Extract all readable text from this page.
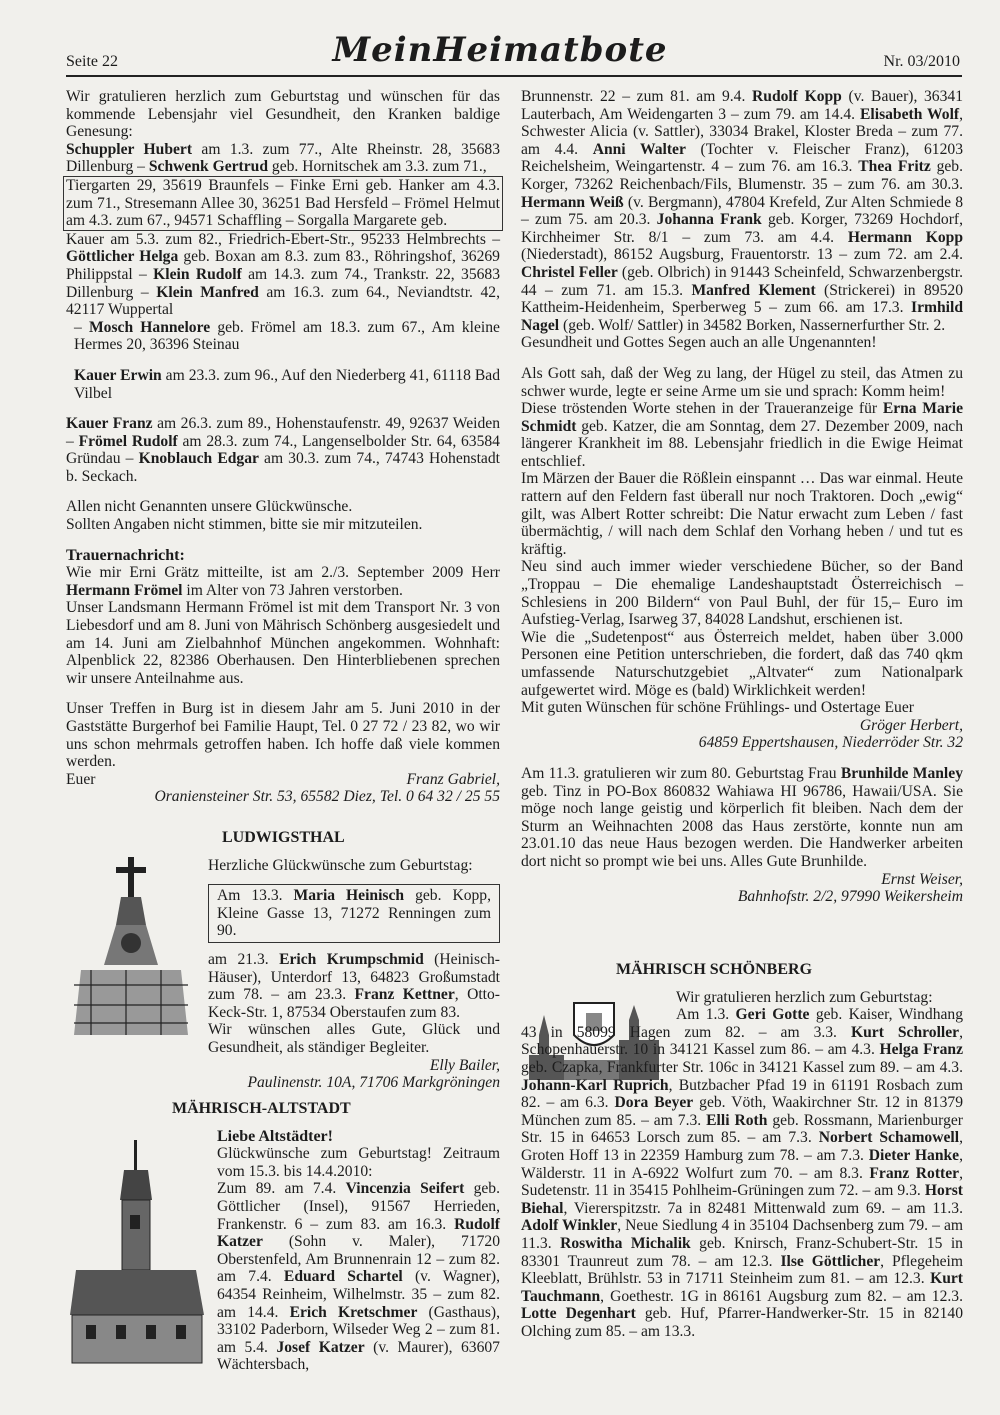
Seite 22	MeinHeimatbote	Nr. 03/2010

Wir gratulieren herzlich zum Geburtstag und wünschen für das kommende Lebensjahr viel Gesundheit, den Kranken baldige Genesung:

Schuppler Hubert am 1.3. zum 77., Alte Rheinstr. 28, 35683 Dillenburg – Schwenk Gertrud geb. Hornitschek am 3.3. zum 71.,

Tiergarten 29, 35619 Braunfels – Finke Erni geb. Hanker am 4.3. zum 71., Stresemann Allee 30, 36251 Bad Hersfeld – Frömel Helmut am 4.3. zum 67., 94571 Schaffling – Sorgalla Margarete geb.

Kauer am 5.3. zum 82., Friedrich-Ebert-Str., 95233 Helmbrechts – Göttlicher Helga geb. Boxan am 8.3. zum 83., Röhringshof, 36269 Philippstal – Klein Rudolf am 14.3. zum 74., Trankstr. 22, 35683 Dillenburg – Klein Manfred am 16.3. zum 64., Neviandtstr. 42, 42117 Wuppertal

– Mosch Hannelore geb. Frömel am 18.3. zum 67., Am kleine Hermes 20, 36396 Steinau

Kauer Erwin am 23.3. zum 96., Auf den Niederberg 41, 61118 Bad Vilbel

Kauer Franz am 26.3. zum 89., Hohenstaufenstr. 49, 92637 Weiden – Frömel Rudolf am 28.3. zum 74., Langenselbolder Str. 64, 63584 Gründau – Knoblauch Edgar am 30.3. zum 74., 74743 Hohenstadt b. Seckach.

Allen nicht Genannten unsere Glückwünsche.

Sollten Angaben nicht stimmen, bitte sie mir mitzuteilen.

Trauernachricht:

Wie mir Erni Grätz mitteilte, ist am 2./3. September 2009 Herr Hermann Frömel im Alter von 73 Jahren verstorben.

Unser Landsmann Hermann Frömel ist mit dem Transport Nr. 3 von Liebesdorf und am 8. Juni von Mährisch Schönberg ausgesiedelt und am 14. Juni am Zielbahnhof München angekommen. Wohnhaft: Alpenblick 22, 82386 Oberhausen. Den Hinterbliebenen sprechen wir unsere Anteilnahme aus.

Unser Treffen in Burg ist in diesem Jahr am 5. Juni 2010 in der Gaststätte Burgerhof bei Familie Haupt, Tel. 0 27 72 / 23 82, wo wir uns schon mehrmals getroffen haben. Ich hoffe daß viele kommen werden.

Euer	Franz Gabriel,

Oraniensteiner Str. 53, 65582 Diez, Tel. 0 64 32 / 25 55

LUDWIGSTHAL

Herzliche Glückwünsche zum Geburtstag:

Am 13.3. Maria Heinisch geb. Kopp, Kleine Gasse 13, 71272 Renningen zum 90.

am 21.3. Erich Krumpschmid (Heinisch-Häuser), Unterdorf 13, 64823 Großumstadt zum 78. – am 23.3. Franz Kettner, Otto-Keck-Str. 1, 87534 Oberstaufen zum 83.

Wir wünschen alles Gute, Glück und Gesundheit, als ständiger Begleiter.

Elly Bailer,

Paulinenstr. 10A, 71706 Markgröningen

MÄHRISCH-ALTSTADT

Liebe Altstädter!

Glückwünsche zum Geburtstag! Zeitraum vom 15.3. bis 14.4.2010:

Zum 89. am 7.4. Vincenzia Seifert geb. Göttlicher (Insel), 91567 Herrieden, Frankenstr. 6 – zum 83. am 16.3. Rudolf Katzer (Sohn v. Maler), 71720 Oberstenfeld, Am Brunnenrain 12 – zum 82. am 7.4. Eduard Schartel (v. Wagner), 64354 Reinheim, Wilhelmstr. 35 – zum 82. am 14.4. Erich Kretschmer (Gasthaus), 33102 Paderborn, Wilseder Weg 2 – zum 81. am 5.4. Josef Katzer (v. Maurer), 63607 Wächtersbach,

Brunnenstr. 22 – zum 81. am 9.4. Rudolf Kopp (v. Bauer), 36341 Lauterbach, Am Weidengarten 3 – zum 79. am 14.4. Elisabeth Wolf, Schwester Alicia (v. Sattler), 33034 Brakel, Kloster Breda – zum 77. am 4.4. Anni Walter (Tochter v. Fleischer Franz), 61203 Reichelsheim, Weingartenstr. 4 – zum 76. am 16.3. Thea Fritz geb. Korger, 73262 Reichenbach/Fils, Blumenstr. 35 – zum 76. am 30.3. Hermann Weiß (v. Bergmann), 47804 Krefeld, Zur Alten Schmiede 8 – zum 75. am 20.3. Johanna Frank geb. Korger, 73269 Hochdorf, Kirchheimer Str. 8/1 – zum 73. am 4.4. Hermann Kopp (Niederstadt), 86152 Augsburg, Frauentorstr. 13 – zum 72. am 2.4. Christel Feller (geb. Olbrich) in 91443 Scheinfeld, Schwarzenbergstr. 44 – zum 71. am 15.3. Manfred Klement (Strickerei) in 89520 Kattheim-Heidenheim, Sperberweg 5 – zum 66. am 17.3. Irmhild Nagel (geb. Wolf/ Sattler) in 34582 Borken, Nassernerfurther Str. 2.

Gesundheit und Gottes Segen auch an alle Ungenannten!

Als Gott sah, daß der Weg zu lang, der Hügel zu steil, das Atmen zu schwer wurde, legte er seine Arme um sie und sprach: Komm heim!

Diese tröstenden Worte stehen in der Traueranzeige für Erna Marie Schmidt geb. Katzer, die am Sonntag, dem 27. Dezember 2009, nach längerer Krankheit im 88. Lebensjahr friedlich in die Ewige Heimat entschlief.

Im Märzen der Bauer die Rößlein einspannt … Das war einmal. Heute rattern auf den Feldern fast überall nur noch Traktoren. Doch „ewig“ gilt, was Albert Rotter schreibt: Die Natur erwacht zum Leben / fast übermächtig, / will nach dem Schlaf den Vorhang heben / und tut es kräftig.

Neu sind auch immer wieder verschiedene Bücher, so der Band „Troppau – Die ehemalige Landeshauptstadt Österreichisch – Schlesiens in 200 Bildern“ von Paul Buhl, der für 15,– Euro im Aufstieg-Verlag, Isarweg 37, 84028 Landshut, erschienen ist.

Wie die „Sudetenpost“ aus Österreich meldet, haben über 3.000 Personen eine Petition unterschrieben, die fordert, daß das 740 qkm umfassende Naturschutzgebiet „Altvater“ zum Nationalpark aufgewertet wird. Möge es (bald) Wirklichkeit werden!

Mit guten Wünschen für schöne Frühlings- und Ostertage Euer

Gröger Herbert,

64859 Eppertshausen, Niederröder Str. 32

Am 11.3. gratulieren wir zum 80. Geburtstag Frau Brunhilde Manley geb. Tinz in PO-Box 860832 Wahiawa HI 96786, Hawaii/USA. Sie möge noch lange geistig und körperlich fit bleiben. Nach dem der Sturm an Weihnachten 2008 das Haus zerstörte, konnte nun am 23.01.10 das neue Haus bezogen werden. Die Handwerker arbeiten dort nicht so prompt wie bei uns. Alles Gute Brunhilde.

Ernst Weiser,

Bahnhofstr. 2/2, 97990 Weikersheim

MÄHRISCH SCHÖNBERG

Wir gratulieren herzlich zum Geburtstag:

Am 1.3. Geri Gotte geb. Kaiser, Windhang 43 in 58099 Hagen zum 82. – am 3.3. Kurt Schroller, Schopenhauerstr. 10 in 34121 Kassel zum 86. – am 4.3. Helga Franz geb. Czapka, Frankfurter Str. 106c in 34121 Kassel zum 89. – am 4.3. Johann-Karl Ruprich, Butzbacher Pfad 19 in 61191 Rosbach zum 82. – am 6.3. Dora Beyer geb. Vöth, Waakirchner Str. 12 in 81379 München zum 85. – am 7.3. Elli Roth geb. Rossmann, Marienburger Str. 15 in 64653 Lorsch zum 85. – am 7.3. Norbert Schamowell, Groten Hoff 13 in 22359 Hamburg zum 78. – am 7.3. Dieter Hanke, Wälderstr. 11 in A-6922 Wolfurt zum 70. – am 8.3. Franz Rotter, Sudetenstr. 11 in 35415 Pohlheim-Grüningen zum 72. – am 9.3. Horst Biehal, Viererspitzstr. 7a in 82481 Mittenwald zum 69. – am 11.3. Adolf Winkler, Neue Siedlung 4 in 35104 Dachsenberg zum 79. – am 11.3. Roswitha Michalik geb. Knirsch, Franz-Schubert-Str. 15 in 83301 Traunreut zum 78. – am 12.3. Ilse Göttlicher, Pflegeheim Kleeblatt, Brühlstr. 53 in 71711 Steinheim zum 81. – am 12.3. Kurt Tauchmann, Goethestr. 1G in 86161 Augsburg zum 82. – am 12.3. Lotte Degenhart geb. Huf, Pfarrer-Handwerker-Str. 15 in 82140 Olching zum 85. – am 13.3.
